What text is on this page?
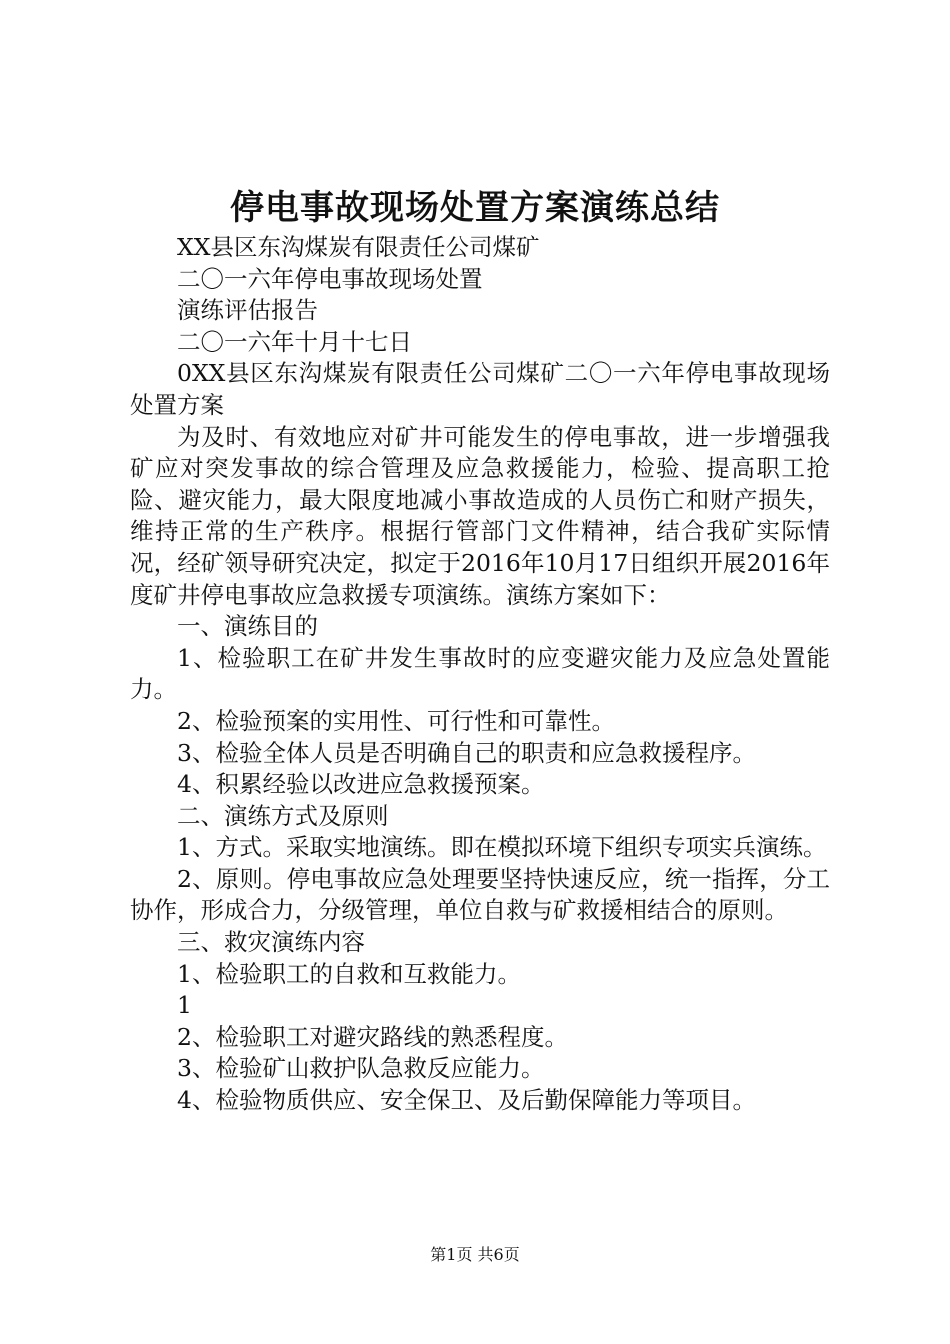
停电事故现场处置方案演练总结

XX县区东沟煤炭有限责任公司煤矿

二〇一六年停电事故现场处置

演练评估报告

二〇一六年十月十七日

0XX县区东沟煤炭有限责任公司煤矿二〇一六年停电事故现场处置方案

为及时、有效地应对矿井可能发生的停电事故，进一步增强我矿应对突发事故的综合管理及应急救援能力，检验、提高职工抢险、避灾能力，最大限度地减小事故造成的人员伤亡和财产损失，维持正常的生产秩序。根据行管部门文件精神，结合我矿实际情况，经矿领导研究决定，拟定于2016年10月17日组织开展2016年度矿井停电事故应急救援专项演练。演练方案如下：

一、演练目的

1、检验职工在矿井发生事故时的应变避灾能力及应急处置能力。

2、检验预案的实用性、可行性和可靠性。

3、检验全体人员是否明确自己的职责和应急救援程序。

4、积累经验以改进应急救援预案。

二、演练方式及原则

1、方式。采取实地演练。即在模拟环境下组织专项实兵演练。

2、原则。停电事故应急处理要坚持快速反应，统一指挥，分工协作，形成合力，分级管理，单位自救与矿救援相结合的原则。

三、救灾演练内容

1、检验职工的自救和互救能力。

1

2、检验职工对避灾路线的熟悉程度。

3、检验矿山救护队急救反应能力。

4、检验物质供应、安全保卫、及后勤保障能力等项目。

第1页 共6页
